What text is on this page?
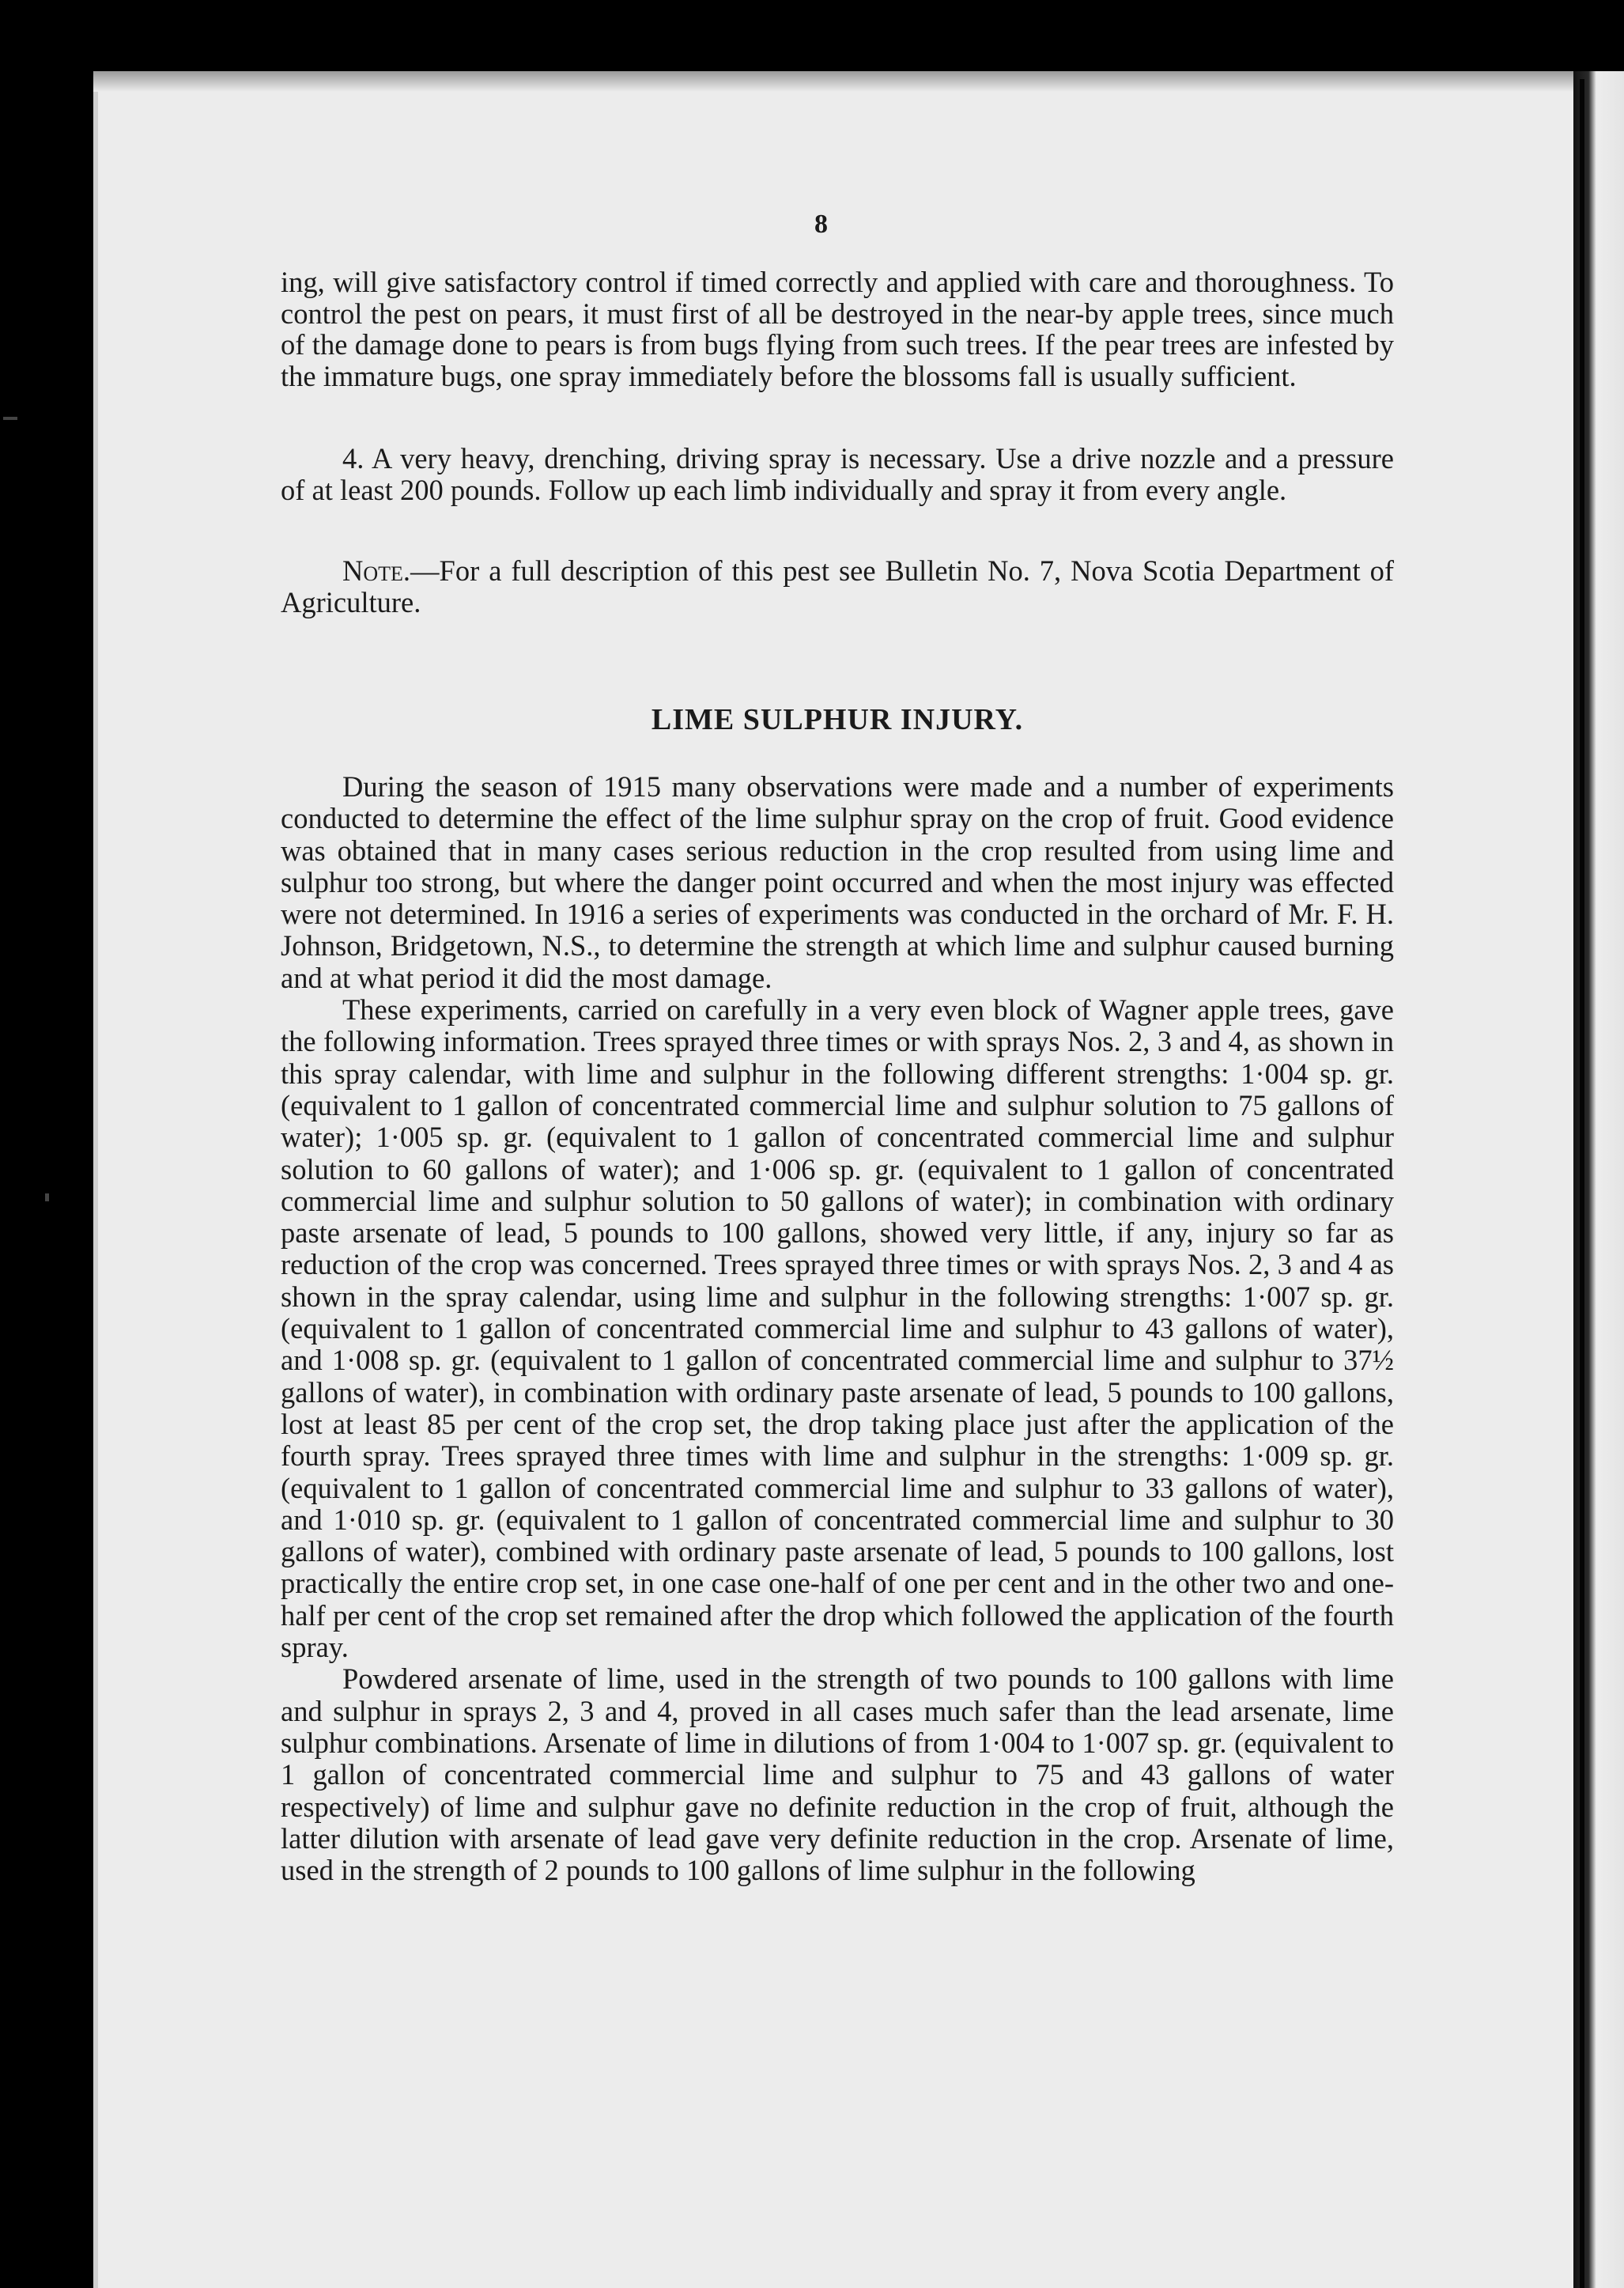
8

ing, will give satisfactory control if timed correctly and applied with care and thoroughness. To control the pest on pears, it must first of all be destroyed in the near-by apple trees, since much of the damage done to pears is from bugs flying from such trees. If the pear trees are infested by the immature bugs, one spray immediately before the blossoms fall is usually sufficient.

4. A very heavy, drenching, driving spray is necessary. Use a drive nozzle and a pressure of at least 200 pounds. Follow up each limb individually and spray it from every angle.

Note.—For a full description of this pest see Bulletin No. 7, Nova Scotia Department of Agriculture.

LIME SULPHUR INJURY.

During the season of 1915 many observations were made and a number of experiments conducted to determine the effect of the lime sulphur spray on the crop of fruit. Good evidence was obtained that in many cases serious reduction in the crop resulted from using lime and sulphur too strong, but where the danger point occurred and when the most injury was effected were not determined. In 1916 a series of experiments was conducted in the orchard of Mr. F. H. Johnson, Bridgetown, N.S., to determine the strength at which lime and sulphur caused burning and at what period it did the most damage.

These experiments, carried on carefully in a very even block of Wagner apple trees, gave the following information. Trees sprayed three times or with sprays Nos. 2, 3 and 4, as shown in this spray calendar, with lime and sulphur in the following different strengths: 1·004 sp. gr. (equivalent to 1 gallon of concentrated commercial lime and sulphur solution to 75 gallons of water); 1·005 sp. gr. (equivalent to 1 gallon of concentrated commercial lime and sulphur solution to 60 gallons of water); and 1·006 sp. gr. (equivalent to 1 gallon of concentrated commercial lime and sulphur solution to 50 gallons of water); in combination with ordinary paste arsenate of lead, 5 pounds to 100 gallons, showed very little, if any, injury so far as reduction of the crop was concerned. Trees sprayed three times or with sprays Nos. 2, 3 and 4 as shown in the spray calendar, using lime and sulphur in the following strengths: 1·007 sp. gr. (equivalent to 1 gallon of concentrated commercial lime and sulphur to 43 gallons of water), and 1·008 sp. gr. (equivalent to 1 gallon of concentrated commercial lime and sulphur to 37½ gallons of water), in combination with ordinary paste arsenate of lead, 5 pounds to 100 gallons, lost at least 85 per cent of the crop set, the drop taking place just after the application of the fourth spray. Trees sprayed three times with lime and sulphur in the strengths: 1·009 sp. gr. (equivalent to 1 gallon of concentrated commercial lime and sulphur to 33 gallons of water), and 1·010 sp. gr. (equivalent to 1 gallon of concentrated commercial lime and sulphur to 30 gallons of water), combined with ordinary paste arsenate of lead, 5 pounds to 100 gallons, lost practically the entire crop set, in one case one-half of one per cent and in the other two and one-half per cent of the crop set remained after the drop which followed the application of the fourth spray.

Powdered arsenate of lime, used in the strength of two pounds to 100 gallons with lime and sulphur in sprays 2, 3 and 4, proved in all cases much safer than the lead arsenate, lime sulphur combinations. Arsenate of lime in dilutions of from 1·004 to 1·007 sp. gr. (equivalent to 1 gallon of concentrated commercial lime and sulphur to 75 and 43 gallons of water respectively) of lime and sulphur gave no definite reduction in the crop of fruit, although the latter dilution with arsenate of lead gave very definite reduction in the crop. Arsenate of lime, used in the strength of 2 pounds to 100 gallons of lime sulphur in the following
